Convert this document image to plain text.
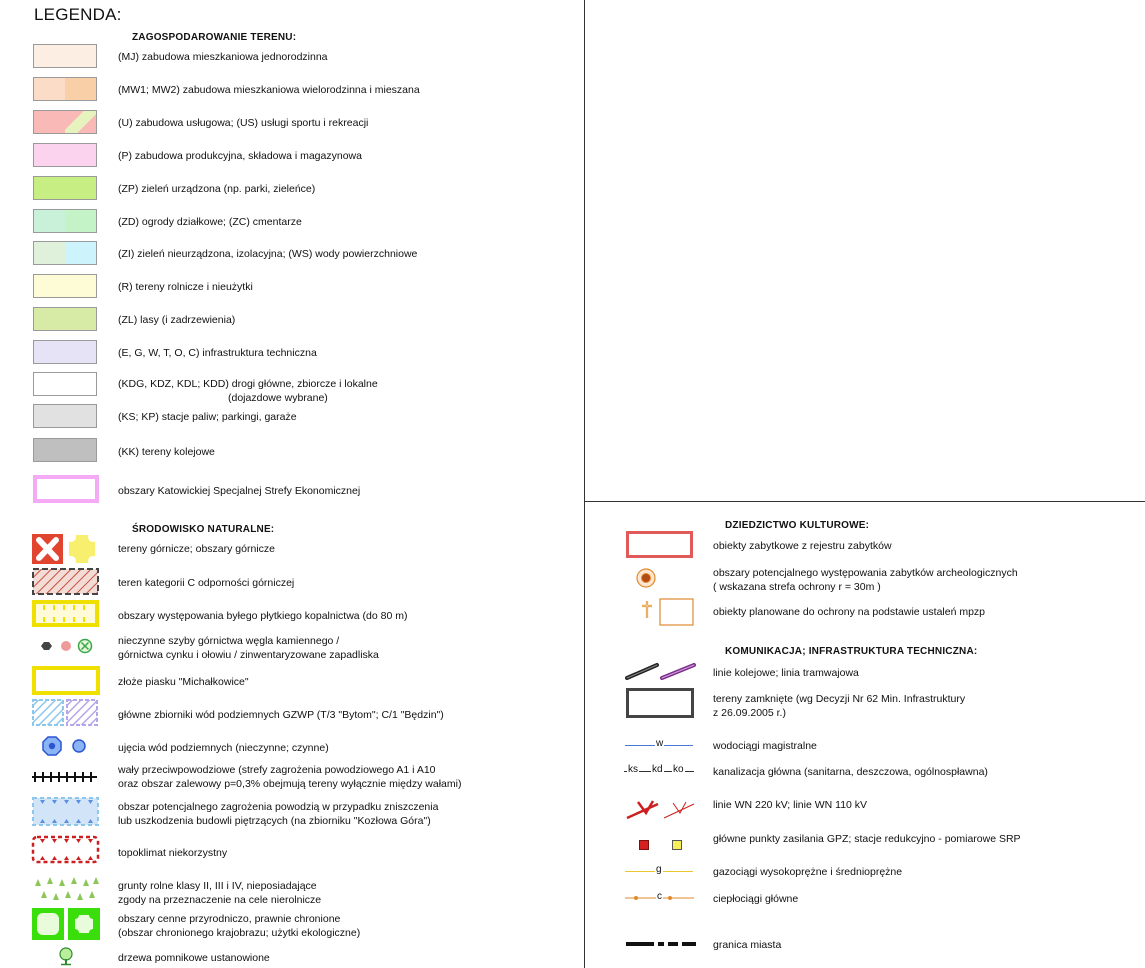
LEGENDA:
ZAGOSPODAROWANIE TERENU:
(MJ) zabudowa mieszkaniowa jednorodzinna
(MW1; MW2) zabudowa mieszkaniowa wielorodzinna i mieszana
(U) zabudowa usługowa; (US) usługi sportu i rekreacji
(P) zabudowa produkcyjna, składowa i magazynowa
(ZP) zieleń urządzona (np. parki, zieleńce)
(ZD) ogrody działkowe; (ZC) cmentarze
(ZI) zieleń nieurządzona, izolacyjna; (WS) wody powierzchniowe
(R) tereny rolnicze i nieużytki
(ZL) lasy (i zadrzewienia)
(E, G, W, T, O, C) infrastruktura techniczna
(KDG, KDZ, KDL; KDD) drogi główne, zbiorcze i lokalne
(dojazdowe wybrane)
(KS; KP) stacje paliw; parkingi, garaże
(KK) tereny kolejowe
obszary Katowickiej Specjalnej Strefy Ekonomicznej
ŚRODOWISKO NATURALNE:
tereny górnicze; obszary górnicze
teren kategorii C odporności górniczej
obszary występowania byłego płytkiego kopalnictwa (do 80 m)
nieczynne szyby górnictwa węgla kamiennego /
górnictwa cynku i ołowiu / zinwentaryzowane zapadliska
złoże piasku "Michałkowice"
główne zbiorniki wód podziemnych GZWP (T/3 "Bytom"; C/1 "Będzin")
ujęcia wód podziemnych (nieczynne; czynne)
wały przeciwpowodziowe (strefy zagrożenia powodziowego A1 i A10
oraz obszar zalewowy p=0,3% obejmują tereny wyłącznie między wałami)
obszar potencjalnego zagrożenia powodzią w przypadku zniszczenia
lub uszkodzenia budowli piętrzących (na zbiorniku "Kozłowa Góra")
topoklimat niekorzystny
grunty rolne klasy II, III i IV, nieposiadające
zgody na przeznaczenie na cele nierolnicze
obszary cenne przyrodniczo, prawnie chronione
(obszar chronionego krajobrazu; użytki ekologiczne)
drzewa pomnikowe ustanowione
DZIEDZICTWO KULTUROWE:
obiekty zabytkowe z rejestru zabytków
obszary potencjalnego występowania zabytków archeologicznych
( wskazana strefa ochrony r = 30m )
obiekty planowane do ochrony na podstawie ustaleń mpzp
KOMUNIKACJA; INFRASTRUKTURA TECHNICZNA:
linie kolejowe; linia tramwajowa
tereny zamknięte (wg Decyzji Nr 62 Min. Infrastruktury
z 26.09.2005 r.)
w	wodociągi magistralne
ks kd ko	kanalizacja główna (sanitarna, deszczowa, ogólnospławna)
linie WN 220 kV; linie WN 110 kV
główne punkty zasilania GPZ; stacje redukcyjno - pomiarowe SRP
g	gazociągi wysokoprężne i średnioprężne
c	ciepłociągi główne
granica miasta
